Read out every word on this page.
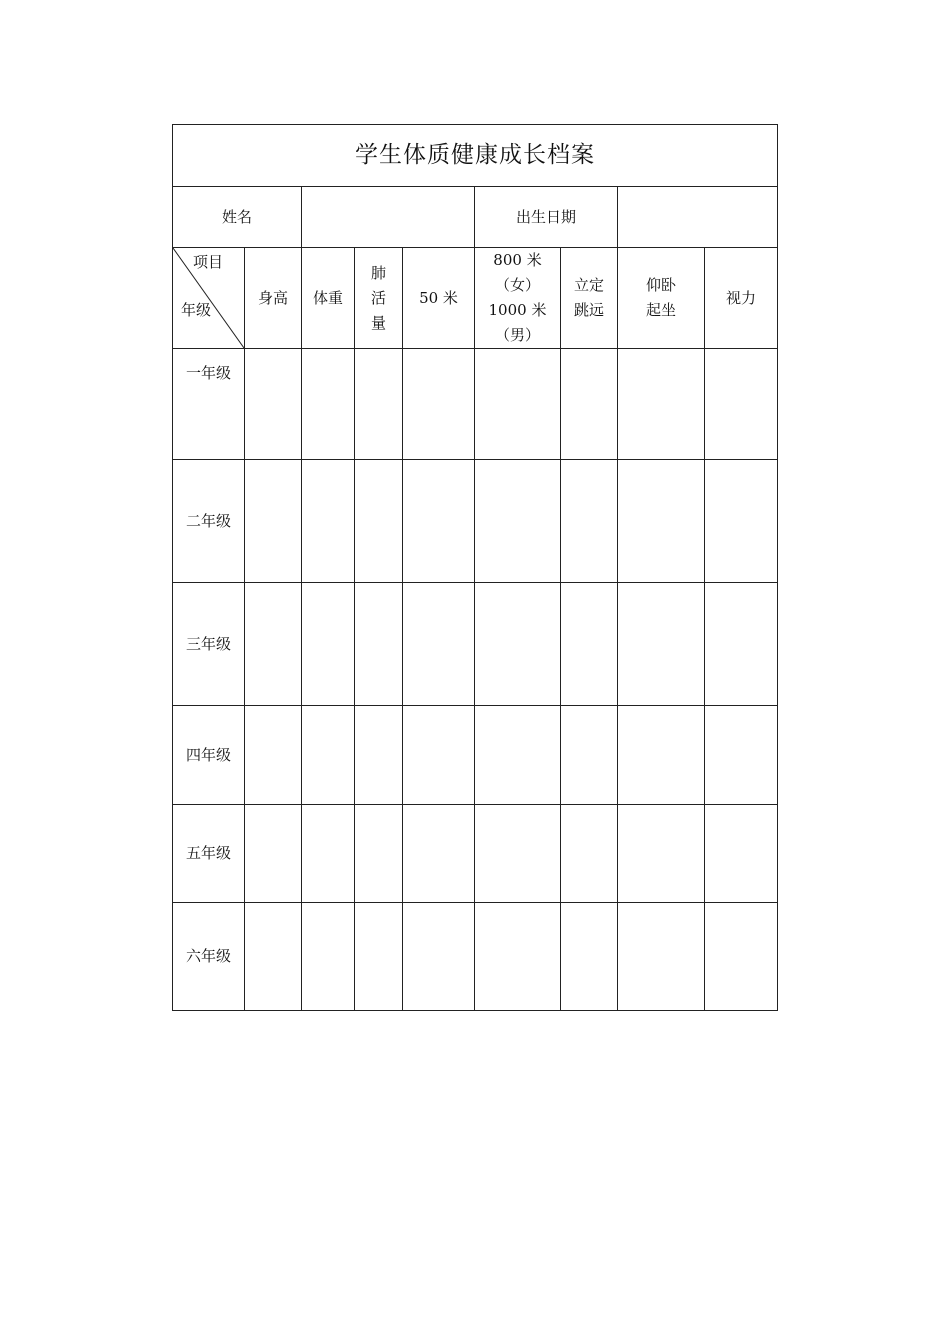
学生体质健康成长档案								
姓名					出生日期			

项目
年级	身高	体重	肺
活
量	50 米	800 米
（女）
1000 米
（男）	立定
跳远	仰卧
起坐	视力

一年级								
二年级								
三年级								
四年级								
五年级								
六年级								
